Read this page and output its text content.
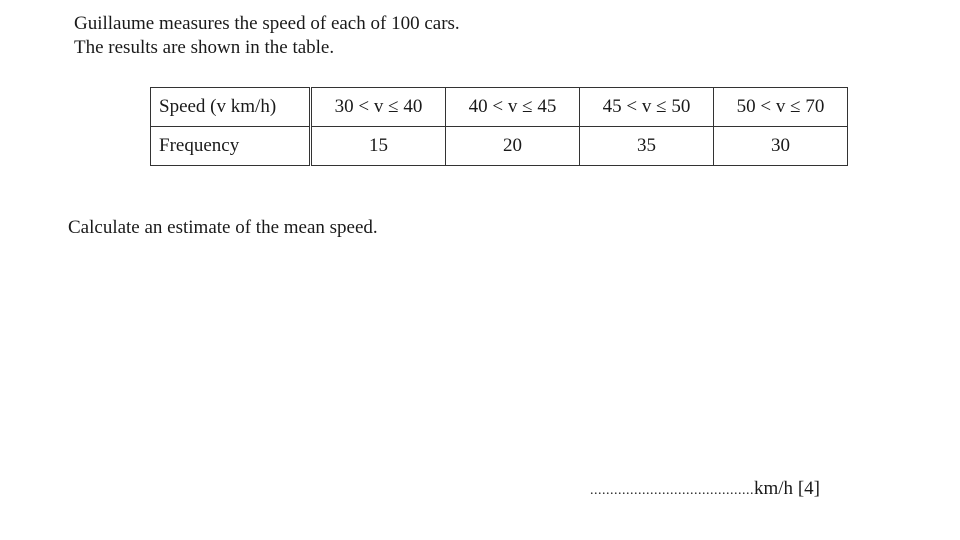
Guillaume measures the speed of each of 100 cars.
The results are shown in the table.
Speed (v km/h)	30 < v ≤ 40	40 < v ≤ 45	45 < v ≤ 50	50 < v ≤ 70
Frequency	15	20	35	30
Calculate an estimate of the mean speed.
.........................................km/h [4]
